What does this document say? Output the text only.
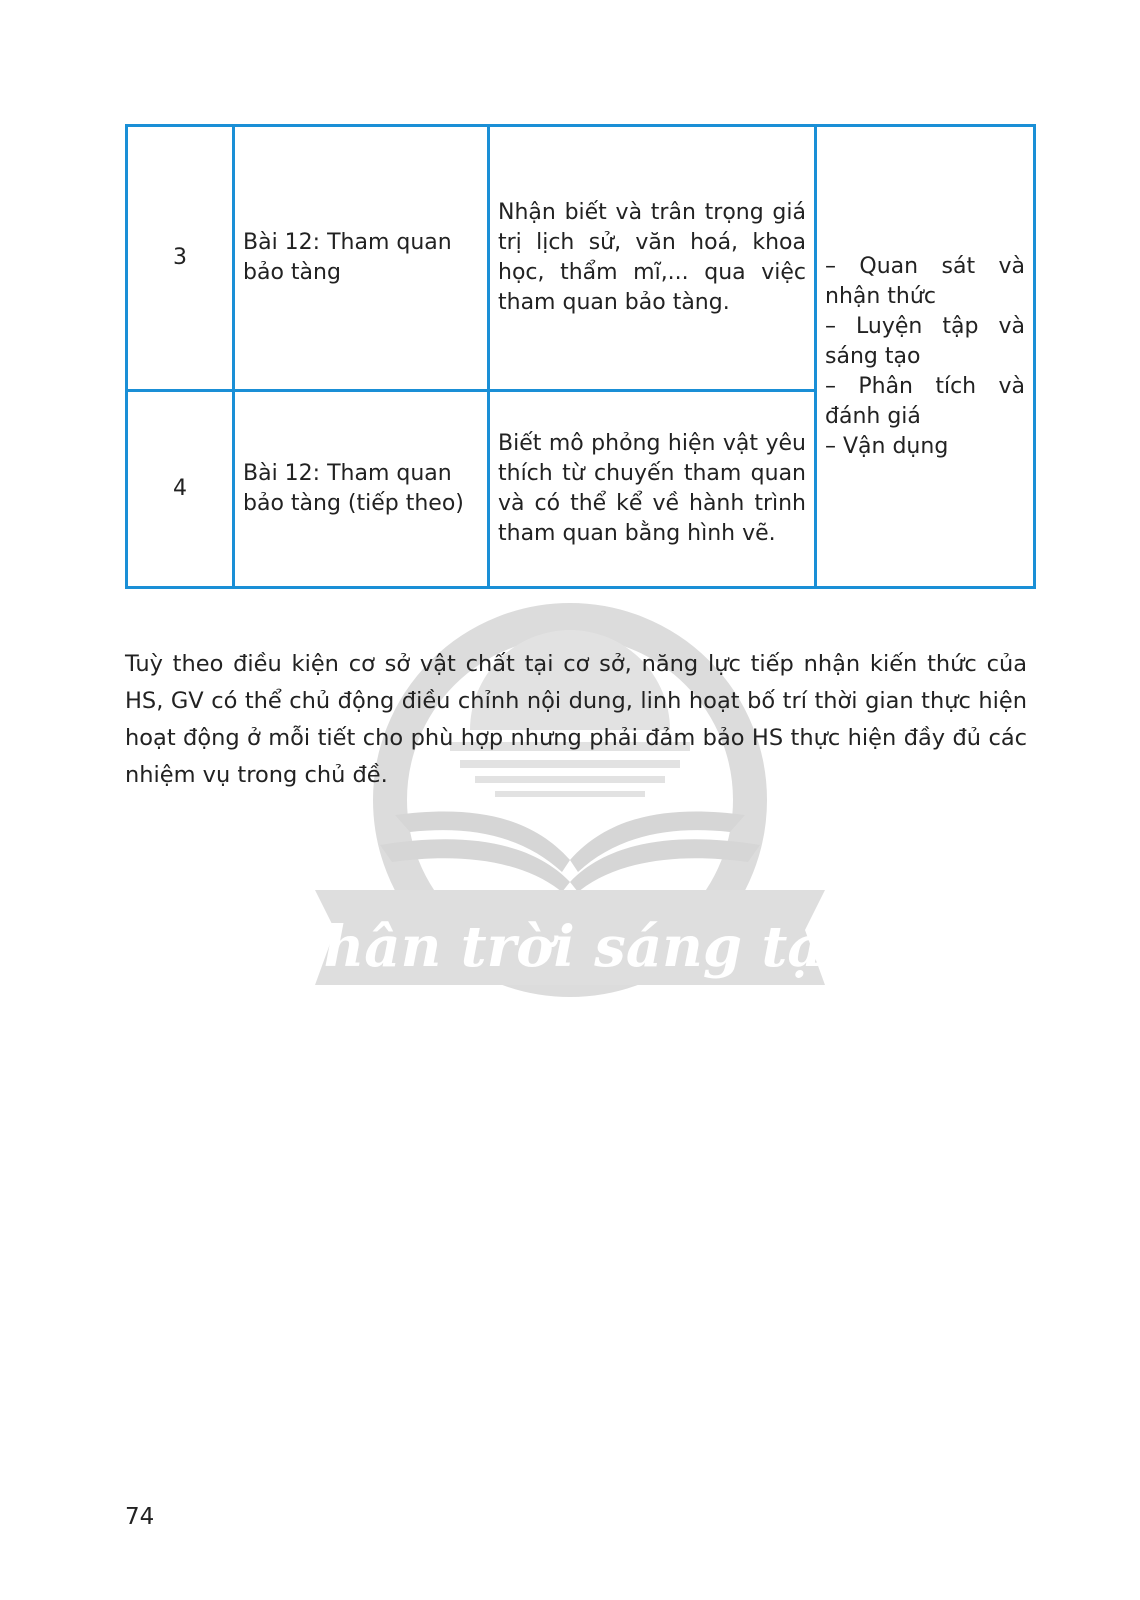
Chân trời sáng tạo
3	Bài 12: Tham quan bảo tàng	Nhận biết và trân trọng giá trị lịch sử, văn hoá, khoa học, thẩm mĩ,... qua việc tham quan bảo tàng.	– Quan sát và nhận thức
– Luyện tập và sáng tạo
– Phân tích và đánh giá
– Vận dụng

4	Bài 12: Tham quan bảo tàng (tiếp theo)	Biết mô phỏng hiện vật yêu thích từ chuyến tham quan và có thể kể về hành trình tham quan bằng hình vẽ.	

Tuỳ theo điều kiện cơ sở vật chất tại cơ sở, năng lực tiếp nhận kiến thức của HS, GV có thể chủ động điều chỉnh nội dung, linh hoạt bố trí thời gian thực hiện hoạt động ở mỗi tiết cho phù hợp nhưng phải đảm bảo HS thực hiện đầy đủ các nhiệm vụ trong chủ đề.

74
